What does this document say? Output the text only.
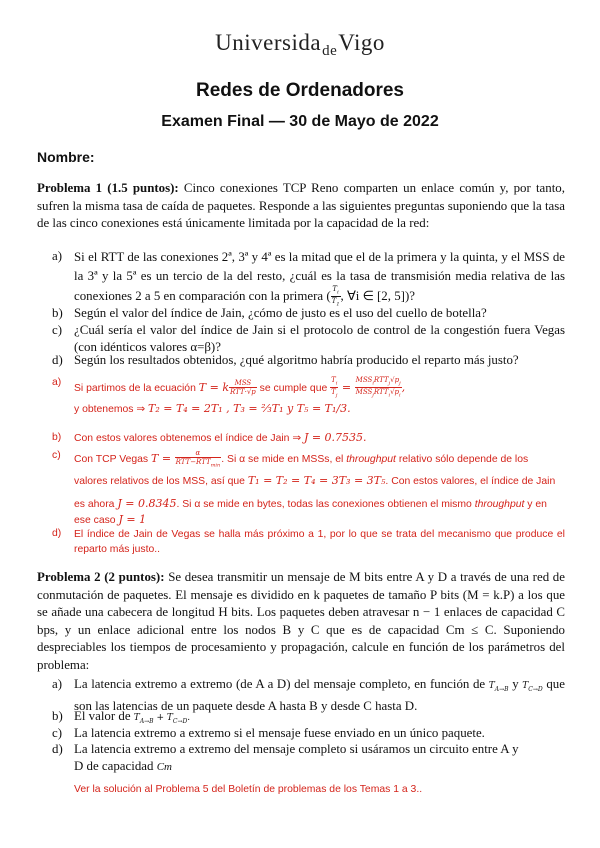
Universida$_{de}$Vigo
Redes de Ordenadores
Examen Final — 30 de Mayo de 2022
Nombre:
Problema 1 (1.5 puntos): Cinco conexiones TCP Reno comparten un enlace común y, por tanto, sufren la misma tasa de caída de paquetes. Responde a las siguientes preguntas suponiendo que la tasa de las cinco conexiones está únicamente limitada por la capacidad de la red:
a) Si el RTT de las conexiones 2ª, 3ª y 4ª es la mitad que el de la primera y la quinta, y el MSS de la 3ª y la 5ª es un tercio de la del resto, ¿cuál es la tasa de transmisión media relativa de las conexiones 2 a 5 en comparación con la primera ( $\frac{T_i}{T_1}$ , ∀i ∈ [2, 5])?
b) Según el valor del índice de Jain, ¿cómo de justo es el uso del cuello de botella?
c) ¿Cuál sería el valor del índice de Jain si el protocolo de control de la congestión fuera Vegas (con idénticos valores α=β)?
d) Según los resultados obtenidos, ¿qué algoritmo habría producido el reparto más justo?
a)
Si partimos de la ecuación T = k $\frac{\text{MSS}}{\text{RTT·√p}}$ se cumple que $\frac{T_i}{T_j} = \frac{MSS_iRTT_j√p_j}{MSS_jRTT_i√p_i}$ ,
y obtenemos ⇒ T₂ = T₄ = 2T₁ , T₃ = ⅔T₁ y T₅ = T₁/3.
b) Con estos valores obtenemos el índice de Jain ⇒ J = 0.7535.
c) Con TCP Vegas $T = \frac{\alpha}{RTT-RTT_{min}}$ . Si α se mide en MSSs, el throughput relativo sólo depende de los
valores relativos de los MSS, así que T₁ = T₂ = T₄ = 3T₃ = 3T₅. Con estos valores, el índice de Jain
es ahora J = 0.8345. Si α se mide en bytes, todas las conexiones obtienen el mismo throughput y en
ese caso J = 1
d) El índice de Jain de Vegas se halla más próximo a 1, por lo que se trata del mecanismo que produce el reparto más justo..
Problema 2 (2 puntos): Se desea transmitir un mensaje de M bits entre A y D a través de una red de conmutación de paquetes. El mensaje es dividido en k paquetes de tamaño P bits (M = k.P) a los que se añade una cabecera de longitud H bits. Los paquetes deben atravesar n − 1 enlaces de capacidad C bps, y un enlace adicional entre los nodos B y C que es de capacidad Cm ≤ C. Suponiendo despreciables los tiempos de procesamiento y propagación, calcule en función de los parámetros del problema:
a) La latencia extremo a extremo (de A a D) del mensaje completo, en función de $T_{A\to B}$ y $T_{C\to D}$ que son las latencias de un paquete desde A hasta B y desde C hasta D.
b) El valor de $T_{A\to B} + T_{C\to D}$.
c) La latencia extremo a extremo si el mensaje fuese enviado en un único paquete.
d) La latencia extremo a extremo del mensaje completo si usáramos un circuito entre A y
D de capacidad Cm
Ver la solución al Problema 5 del Boletín de problemas de los Temas 1 a 3..
